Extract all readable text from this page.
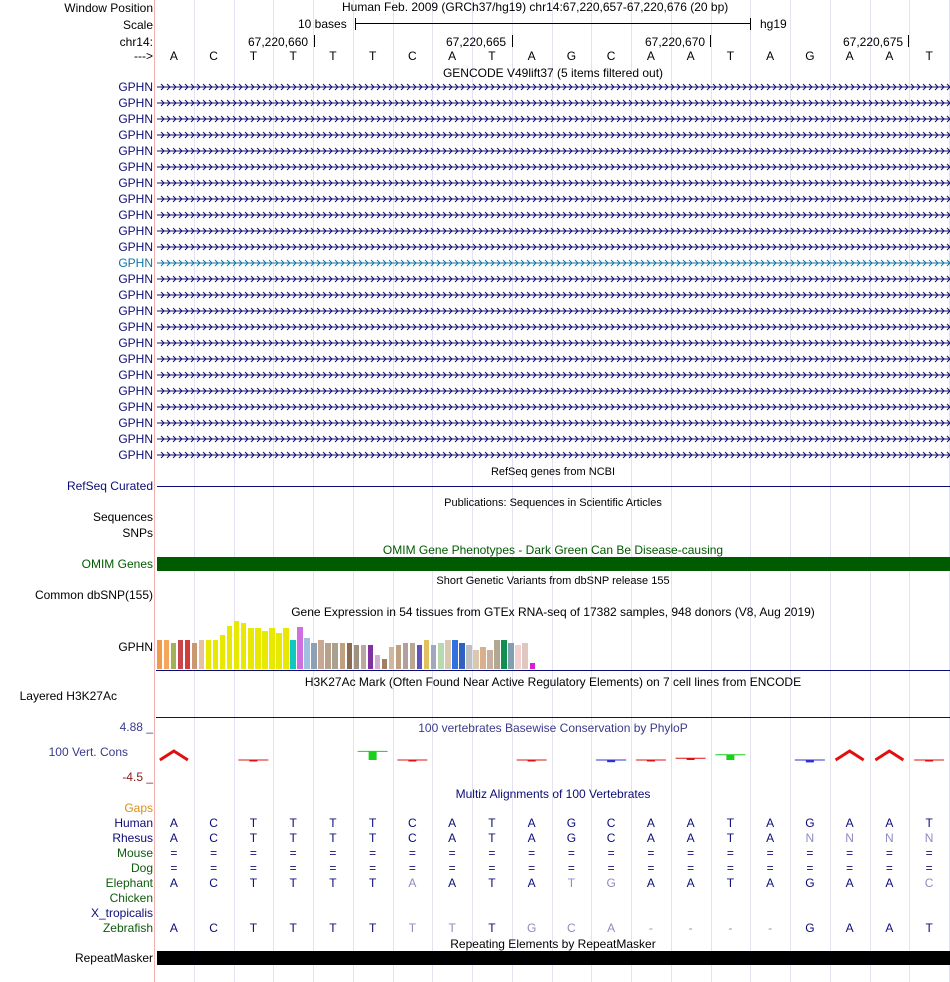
Window Position	Human Feb. 2009 (GRCh37/hg19) chr14:67,220,657-67,220,676 (20 bp)
Scale	10 bases	hg19
chr14:	67,220,660	67,220,665	67,220,670	67,220,675
--->	A	C	T	T	T	T	C	A	T	A	G	C	A	A	T	A	G	A	A	T
GENCODE V49lift37 (5 items filtered out)
GPHN
GPHN
GPHN
GPHN
GPHN
GPHN
GPHN
GPHN
GPHN
GPHN
GPHN
GPHN
GPHN
GPHN
GPHN
GPHN
GPHN
GPHN
GPHN
GPHN
GPHN
GPHN
GPHN
GPHN
RefSeq genes from NCBI
RefSeq Curated
Publications: Sequences in Scientific Articles
Sequences
SNPs
OMIM Gene Phenotypes - Dark Green Can Be Disease-causing
OMIM Genes
Short Genetic Variants from dbSNP release 155
Common dbSNP(155)
Gene Expression in 54 tissues from GTEx RNA-seq of 17382 samples, 948 donors (V8, Aug 2019)
GPHN
H3K27Ac Mark (Often Found Near Active Regulatory Elements) on 7 cell lines from ENCODE
Layered H3K27Ac
100 vertebrates Basewise Conservation by PhyloP
4.88 _
100 Vert. Cons
-4.5 _
Multiz Alignments of 100 Vertebrates
Gaps
Human	A	C	T	T	T	T	C	A	T	A	G	C	A	A	T	A	G	A	A	T
Rhesus	A	C	T	T	T	T	C	A	T	A	G	C	A	A	T	A	N	N	N	N
Mouse	=	=	=	=	=	=	=	=	=	=	=	=	=	=	=	=	=	=	=	=
Dog	=	=	=	=	=	=	=	=	=	=	=	=	=	=	=	=	=	=	=	=
Elephant	A	C	T	T	T	T	A	A	T	A	T	G	A	A	T	A	G	A	A	C
Chicken
X_tropicalis
Zebrafish	A	C	T	T	T	T	T	T	T	G	C	A	-	-	-	-	G	A	A	T
Repeating Elements by RepeatMasker
RepeatMasker
